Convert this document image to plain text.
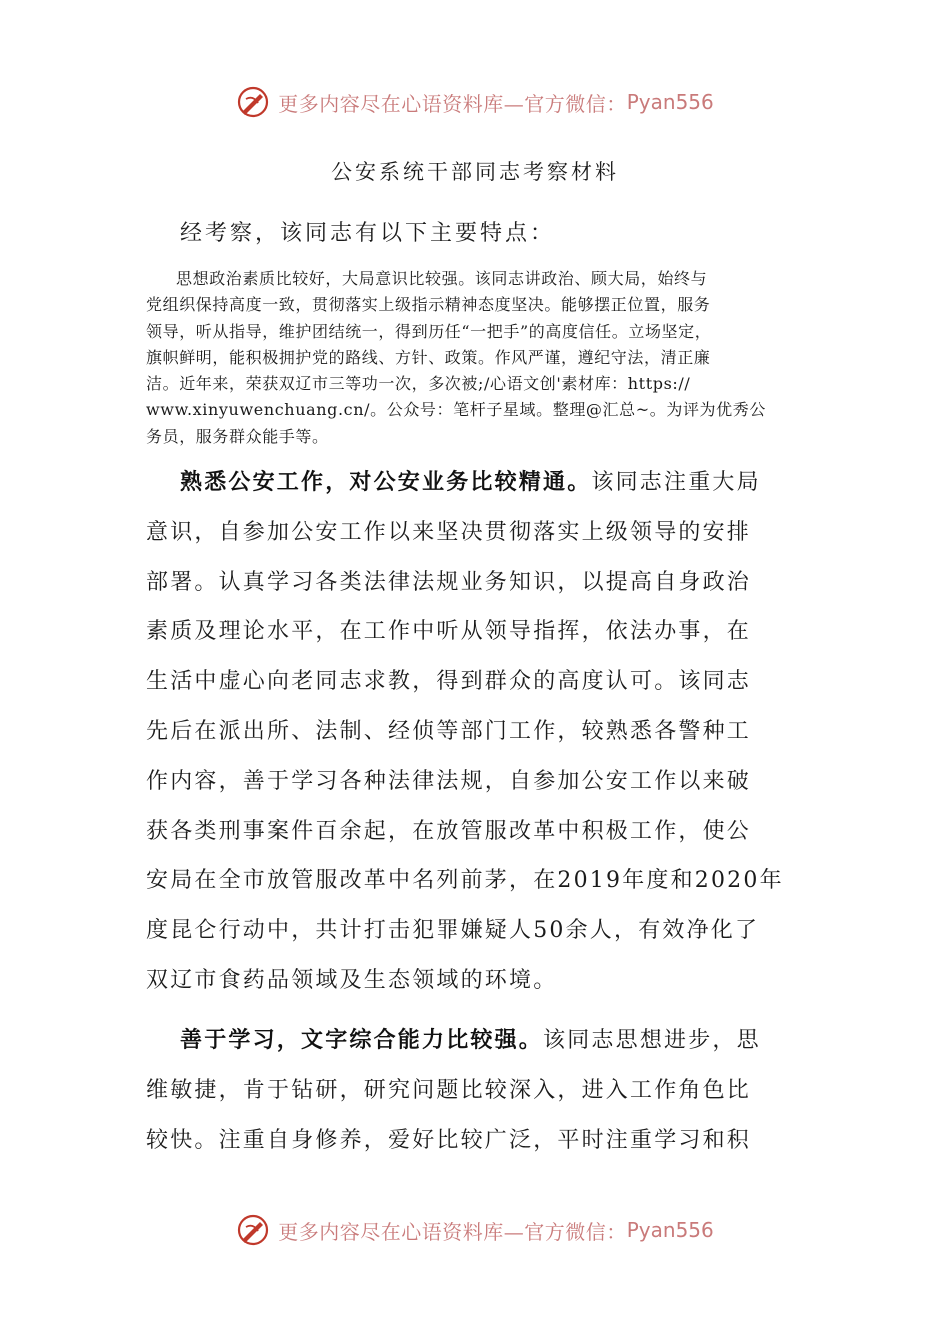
更多内容尽在心语资料库—官方微信： Pyan556
公安系统干部同志考察材料
经考察，该同志有以下主要特点：
思想政治素质比较好，大局意识比较强。该同志讲政治、顾大局，始终与
党组织保持高度一致，贯彻落实上级指示精神态度坚决。能够摆正位置，服务
领导，听从指导，维护团结统一，得到历任“一把手”的高度信任。立场坚定，
旗帜鲜明，能积极拥护党的路线、方针、政策。作风严谨，遵纪守法，清正廉
洁。近年来，荣获双辽市三等功一次，多次被;/心语文创'素材库：https://
www.xinyuwenchuang.cn/。公众号：笔杆子星域。整理@汇总~。为评为优秀公
务员，服务群众能手等。
熟悉公安工作，对公安业务比较精通。该同志注重大局
意识，自参加公安工作以来坚决贯彻落实上级领导的安排
部署。认真学习各类法律法规业务知识，以提高自身政治
素质及理论水平，在工作中听从领导指挥，依法办事，在
生活中虚心向老同志求教，得到群众的高度认可。该同志
先后在派出所、法制、经侦等部门工作，较熟悉各警种工
作内容，善于学习各种法律法规，自参加公安工作以来破
获各类刑事案件百余起，在放管服改革中积极工作，使公
安局在全市放管服改革中名列前茅，在2019年度和2020年
度昆仑行动中，共计打击犯罪嫌疑人50余人，有效净化了
双辽市食药品领域及生态领域的环境。
善于学习，文字综合能力比较强。该同志思想进步，思
维敏捷，肯于钻研，研究问题比较深入，进入工作角色比
较快。注重自身修养，爱好比较广泛，平时注重学习和积
更多内容尽在心语资料库—官方微信： Pyan556
